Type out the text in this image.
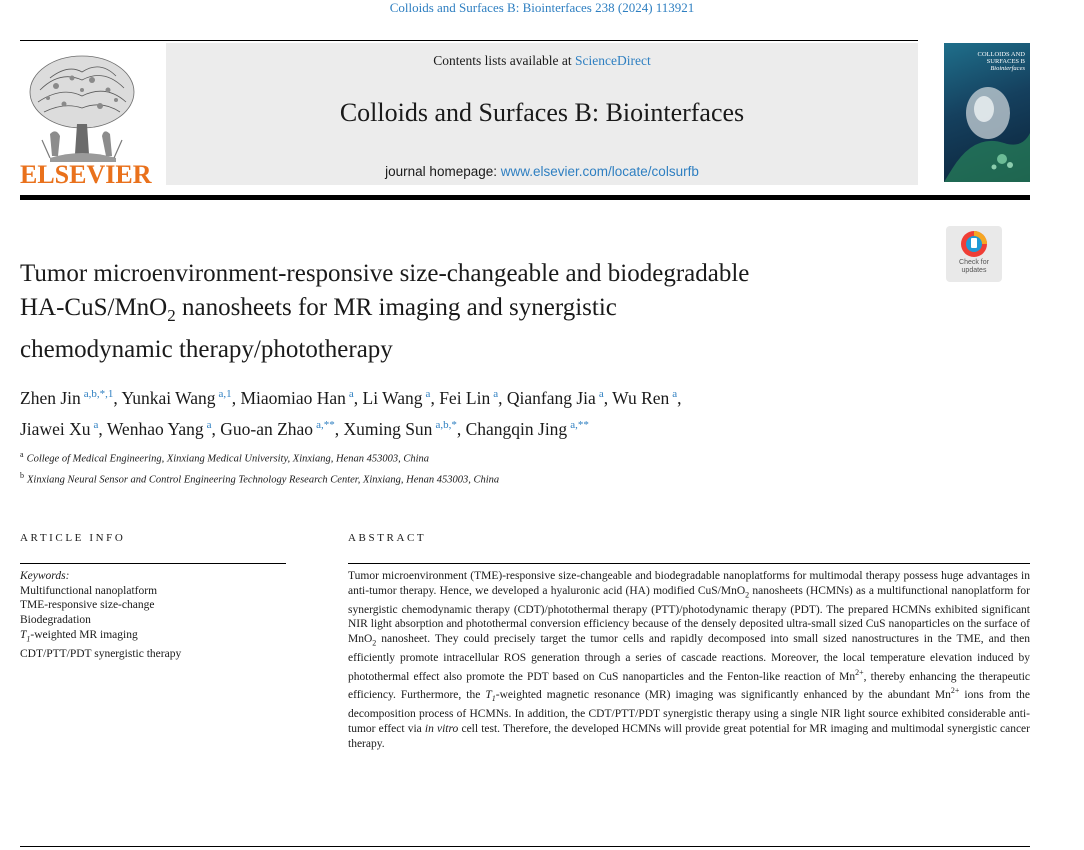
Colloids and Surfaces B: Biointerfaces 238 (2024) 113921
ELSEVIER
Contents lists available at ScienceDirect
Colloids and Surfaces B: Biointerfaces
journal homepage: www.elsevier.com/locate/colsurfb
COLLOIDS AND
SURFACES B
Biointerfaces
Check for
updates
Tumor microenvironment-responsive size-changeable and biodegradable
HA-CuS/MnO$_2$ nanosheets for MR imaging and synergistic
chemodynamic therapy/phototherapy
Zhen Jin $^{a,b,*,1}$, Yunkai Wang $^{a,1}$, Miaomiao Han $^a$, Li Wang $^a$, Fei Lin $^a$, Qianfang Jia $^a$, Wu Ren $^a$,
Jiawei Xu $^a$, Wenhao Yang $^a$, Guo-an Zhao $^{a,**}$, Xuming Sun $^{a,b,*}$, Changqin Jing $^{a,**}$
$^a$ College of Medical Engineering, Xinxiang Medical University, Xinxiang, Henan 453003, China
$^b$ Xinxiang Neural Sensor and Control Engineering Technology Research Center, Xinxiang, Henan 453003, China
ARTICLE INFO	ABSTRACT
Keywords:
Multifunctional nanoplatform
TME-responsive size-change
Biodegradation
$T_1$-weighted MR imaging
CDT/PTT/PDT synergistic therapy
Tumor microenvironment (TME)-responsive size-changeable and biodegradable nanoplatforms for multimodal therapy possess huge advantages in anti-tumor therapy. Hence, we developed a hyaluronic acid (HA) modified CuS/MnO$_2$ nanosheets (HCMNs) as a multifunctional nanoplatform for synergistic chemodynamic therapy (CDT)/photothermal therapy (PTT)/photodynamic therapy (PDT). The prepared HCMNs exhibited significant NIR light absorption and photothermal conversion efficiency because of the densely deposited ultra-small sized CuS nanoparticles on the surface of MnO$_2$ nanosheet. They could precisely target the tumor cells and rapidly decomposed into small sized nanostructures in the TME, and then efficiently promote intracellular ROS generation through a series of cascade reactions. Moreover, the local temperature elevation induced by photothermal effect also promote the PDT based on CuS nanoparticles and the Fenton-like reaction of $Mn^{2+}$, thereby enhancing the therapeutic efficiency. Furthermore, the $T_1$-weighted magnetic resonance (MR) imaging was significantly enhanced by the abundant $Mn^{2+}$ ions from the decomposition process of HCMNs. In addition, the CDT/PTT/PDT synergistic therapy using a single NIR light source exhibited considerable anti-tumor effect via in vitro cell test. Therefore, the developed HCMNs will provide great potential for MR imaging and multimodal synergistic cancer therapy.
